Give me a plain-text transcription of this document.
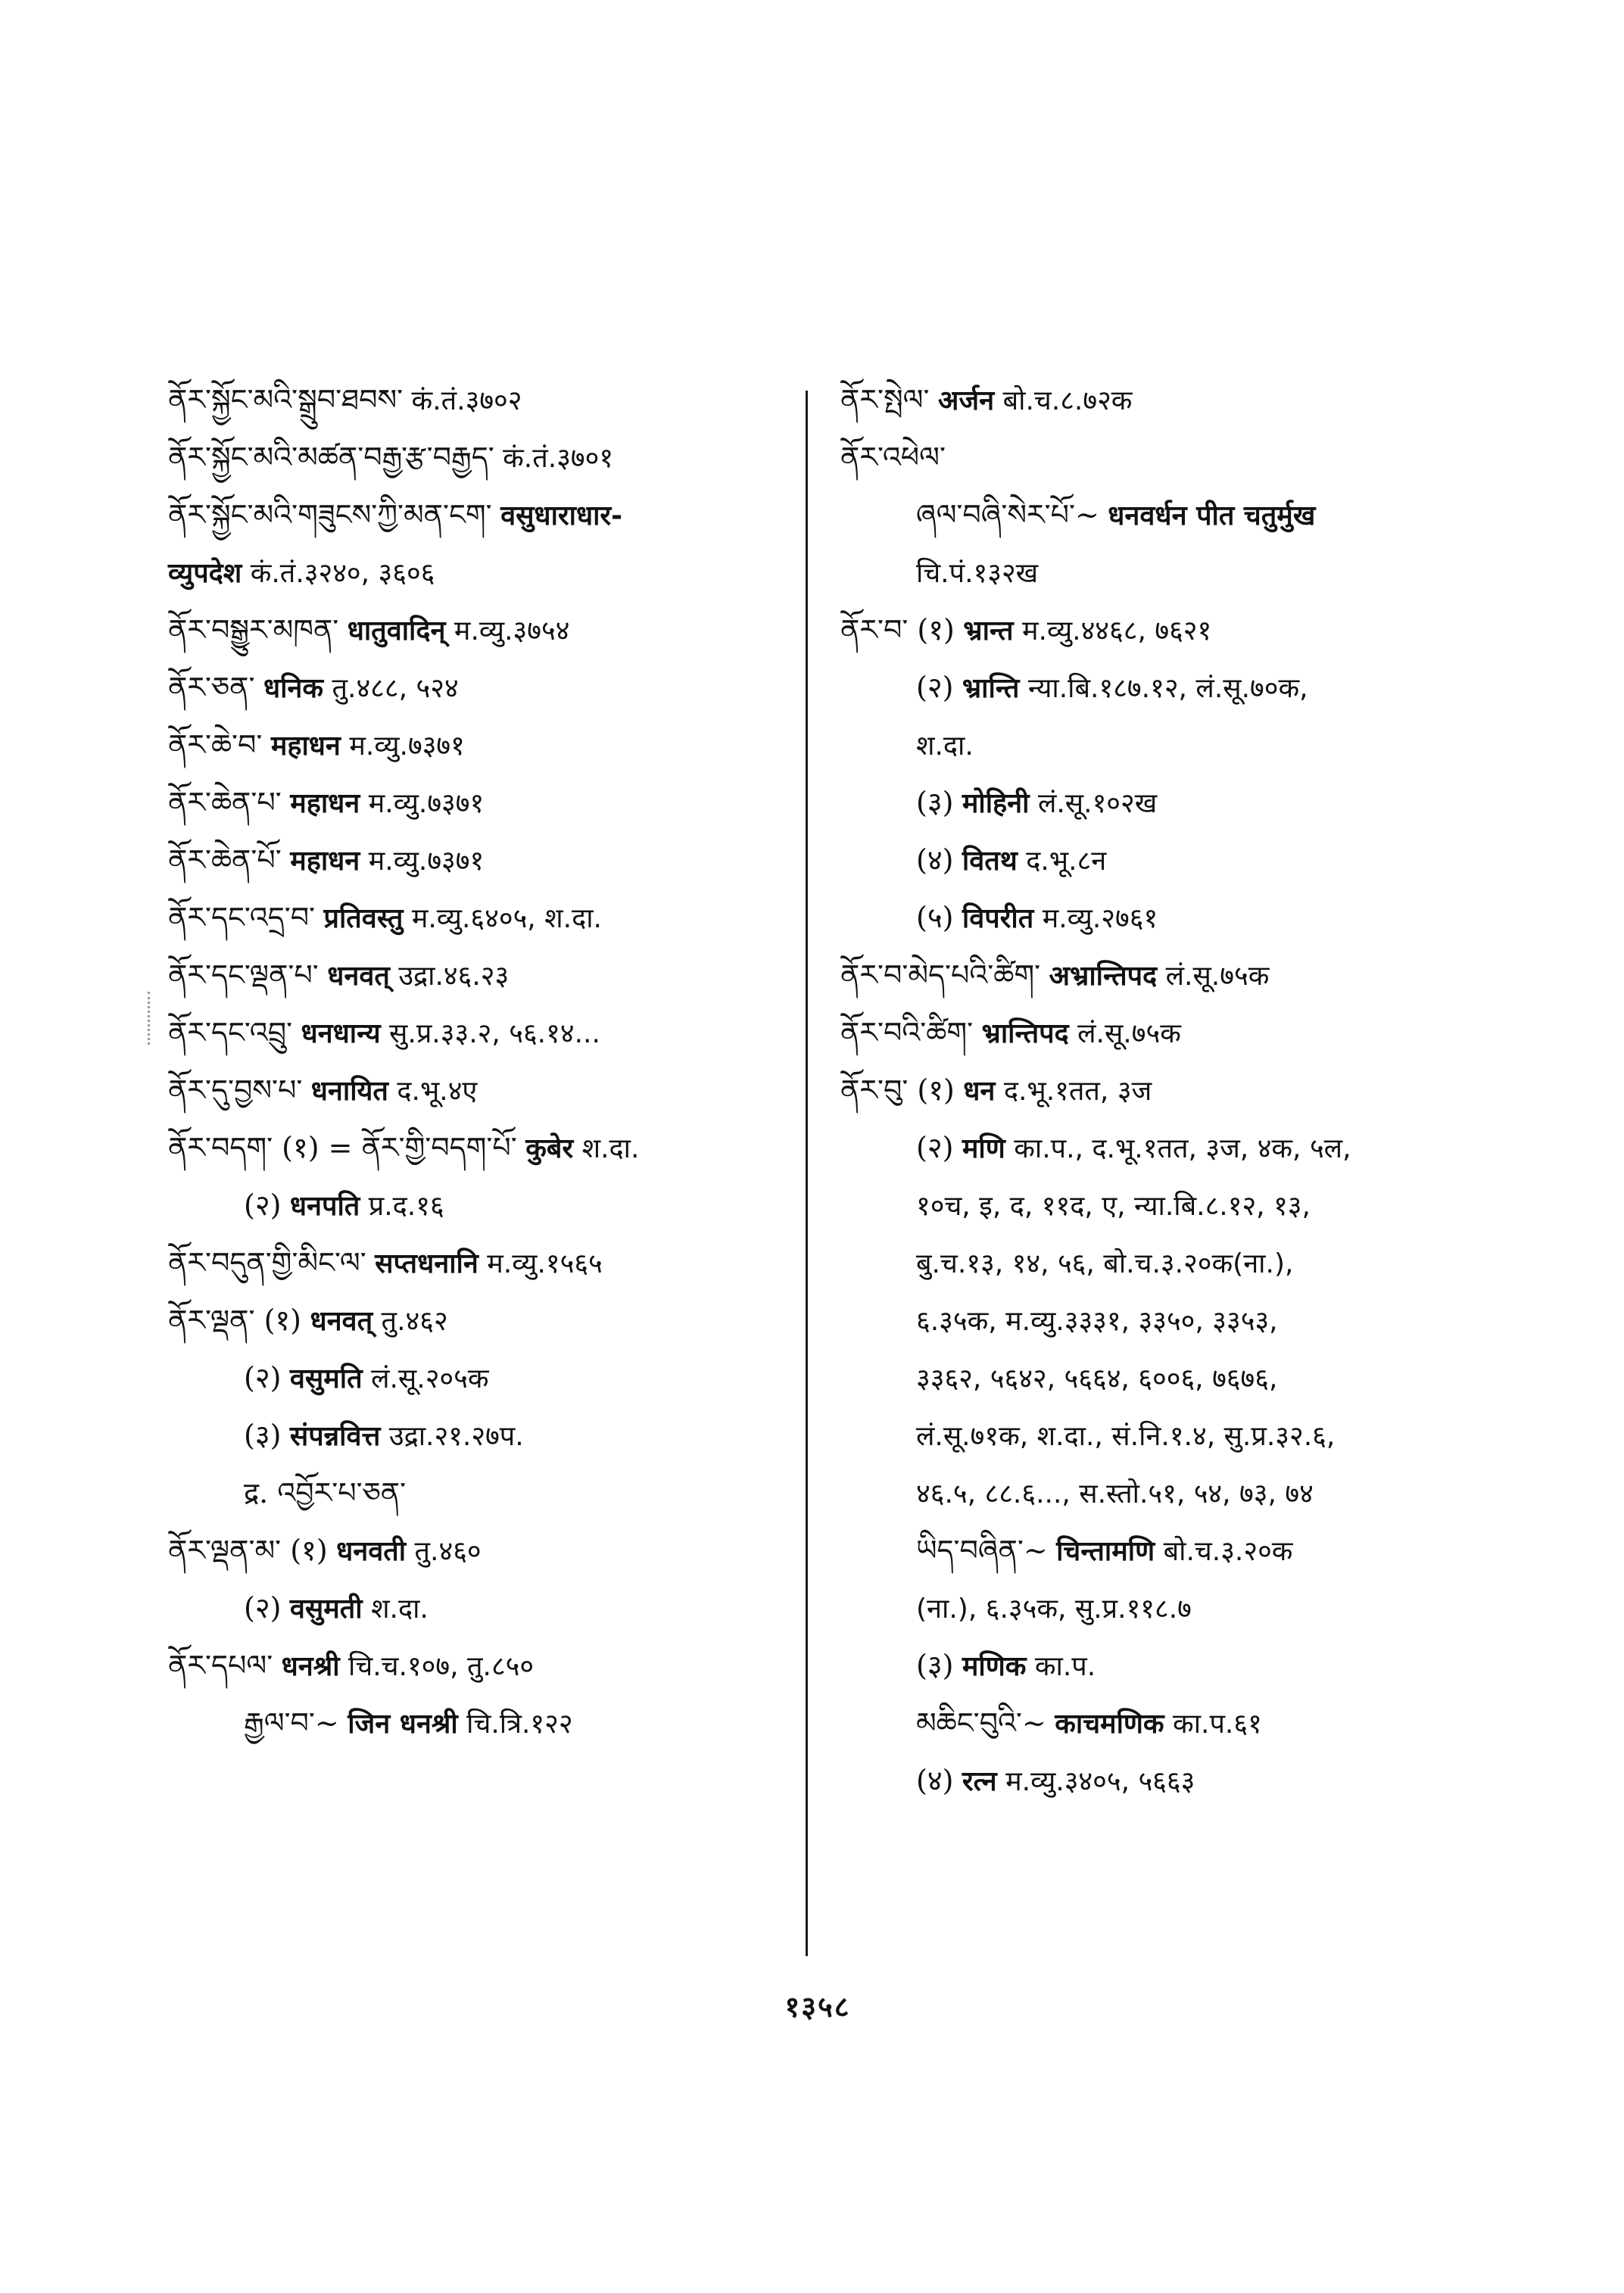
ནོར་སྐྱོང་མའི་སྒྲུབ་ཐབས་ कं.तं.३७०२
ནོར་སྐྱོང་མའི་མཚན་བརྒྱ་རྩ་བརྒྱད་ कं.तं.३७०१
ནོར་སྐྱོང་མའི་གཟུངས་ཀྱི་མན་ངག་ वसुधाराधार-
व्युपदेश कं.तं.३२४०, ३६०६
ནོར་བསྒྱུར་མཁན་ धातुवादिन् म.व्यु.३७५४
ནོར་ཅན་ धनिक तु.४८८, ५२४
ནོར་ཆེ་བ་ महाधन म.व्यु.७३७१
ནོར་ཆེན་པ་ महाधन म.व्यु.७३७१
ནོར་ཆེན་པོ་ महाधन म.व्यु.७३७१
ནོར་དང་འདྲ་བ་ प्रतिवस्तु म.व्यु.६४०५, श.दा.
ནོར་དང་ལྡན་པ་ धनवत् उद्रा.४६.२३
ནོར་དང་འབྲུ་ धनधान्य सु.प्र.३३.२, ५६.१४...
ནོར་དུ་བྱས་པ་ धनायित द.भू.४ए
ནོར་བདག་ (१) = ནོར་གྱི་བདག་པོ་ कुबेर श.दा.
(२) धनपति प्र.द.१६
ནོར་བདུན་གྱི་མིང་ལ་ सप्तधनानि म.व्यु.१५६५
ནོར་ལྡན་ (१) धनवत् तु.४६२
(२) वसुमति लं.सू.२०५क
(३) संपन्नवित्त उद्रा.२१.२७प.
द्र. འབྱོར་པ་ཅན་
ནོར་ལྡན་མ་ (१) धनवती तु.४६०
(२) वसुमती श.दा.
ནོར་དཔལ་ धनश्री चि.च.१०७, तु.८५०
རྒྱལ་བ་~ जिन धनश्री चि.त्रि.१२२
ནོར་སྤེལ་ अर्जन बो.च.८.७२क
ནོར་འཕེལ་
ཞལ་བཞི་སེར་པོ་~ धनवर्धन पीत चतुर्मुख
चि.पं.१३२ख
ནོར་བ་ (१) भ्रान्त म.व्यु.४४६८, ७६२१
(२) भ्रान्ति न्या.बि.१८७.१२, लं.सू.७०क,
श.दा.
(३) मोहिनी लं.सू.१०२ख
(४) वितथ द.भू.८न
(५) विपरीत म.व्यु.२७६१
ནོར་བ་མེད་པའི་ཚིག་ अभ्रान्तिपद लं.सू.७५क
ནོར་བའི་ཚིག་ भ्रान्तिपद लं.सू.७५क
ནོར་བུ་ (१) धन द.भू.१तत, ३ज
(२) मणि का.प., द.भू.१तत, ३ज, ४क, ५ल,
१०च, इ, द, ११द, ए, न्या.बि.८.१२, १३,
बु.च.१३, १४, ५६, बो.च.३.२०क(ना.),
६.३५क, म.व्यु.३३३१, ३३५०, ३३५३,
३३६२, ५६४२, ५६६४, ६००६, ७६७६,
लं.सू.७१क, श.दा., सं.नि.१.४, सु.प्र.३२.६,
४६.५, ८८.६..., स.स्तो.५१, ५४, ७३, ७४
ཡིད་བཞིན་~ चिन्तामणि बो.च.३.२०क
(ना.), ६.३५क, सु.प्र.११८.७
(३) मणिक का.प.
མཆིང་བུའི་~ काचमणिक का.प.६१
(४) रत्न म.व्यु.३४०५, ५६६३
१३५८
